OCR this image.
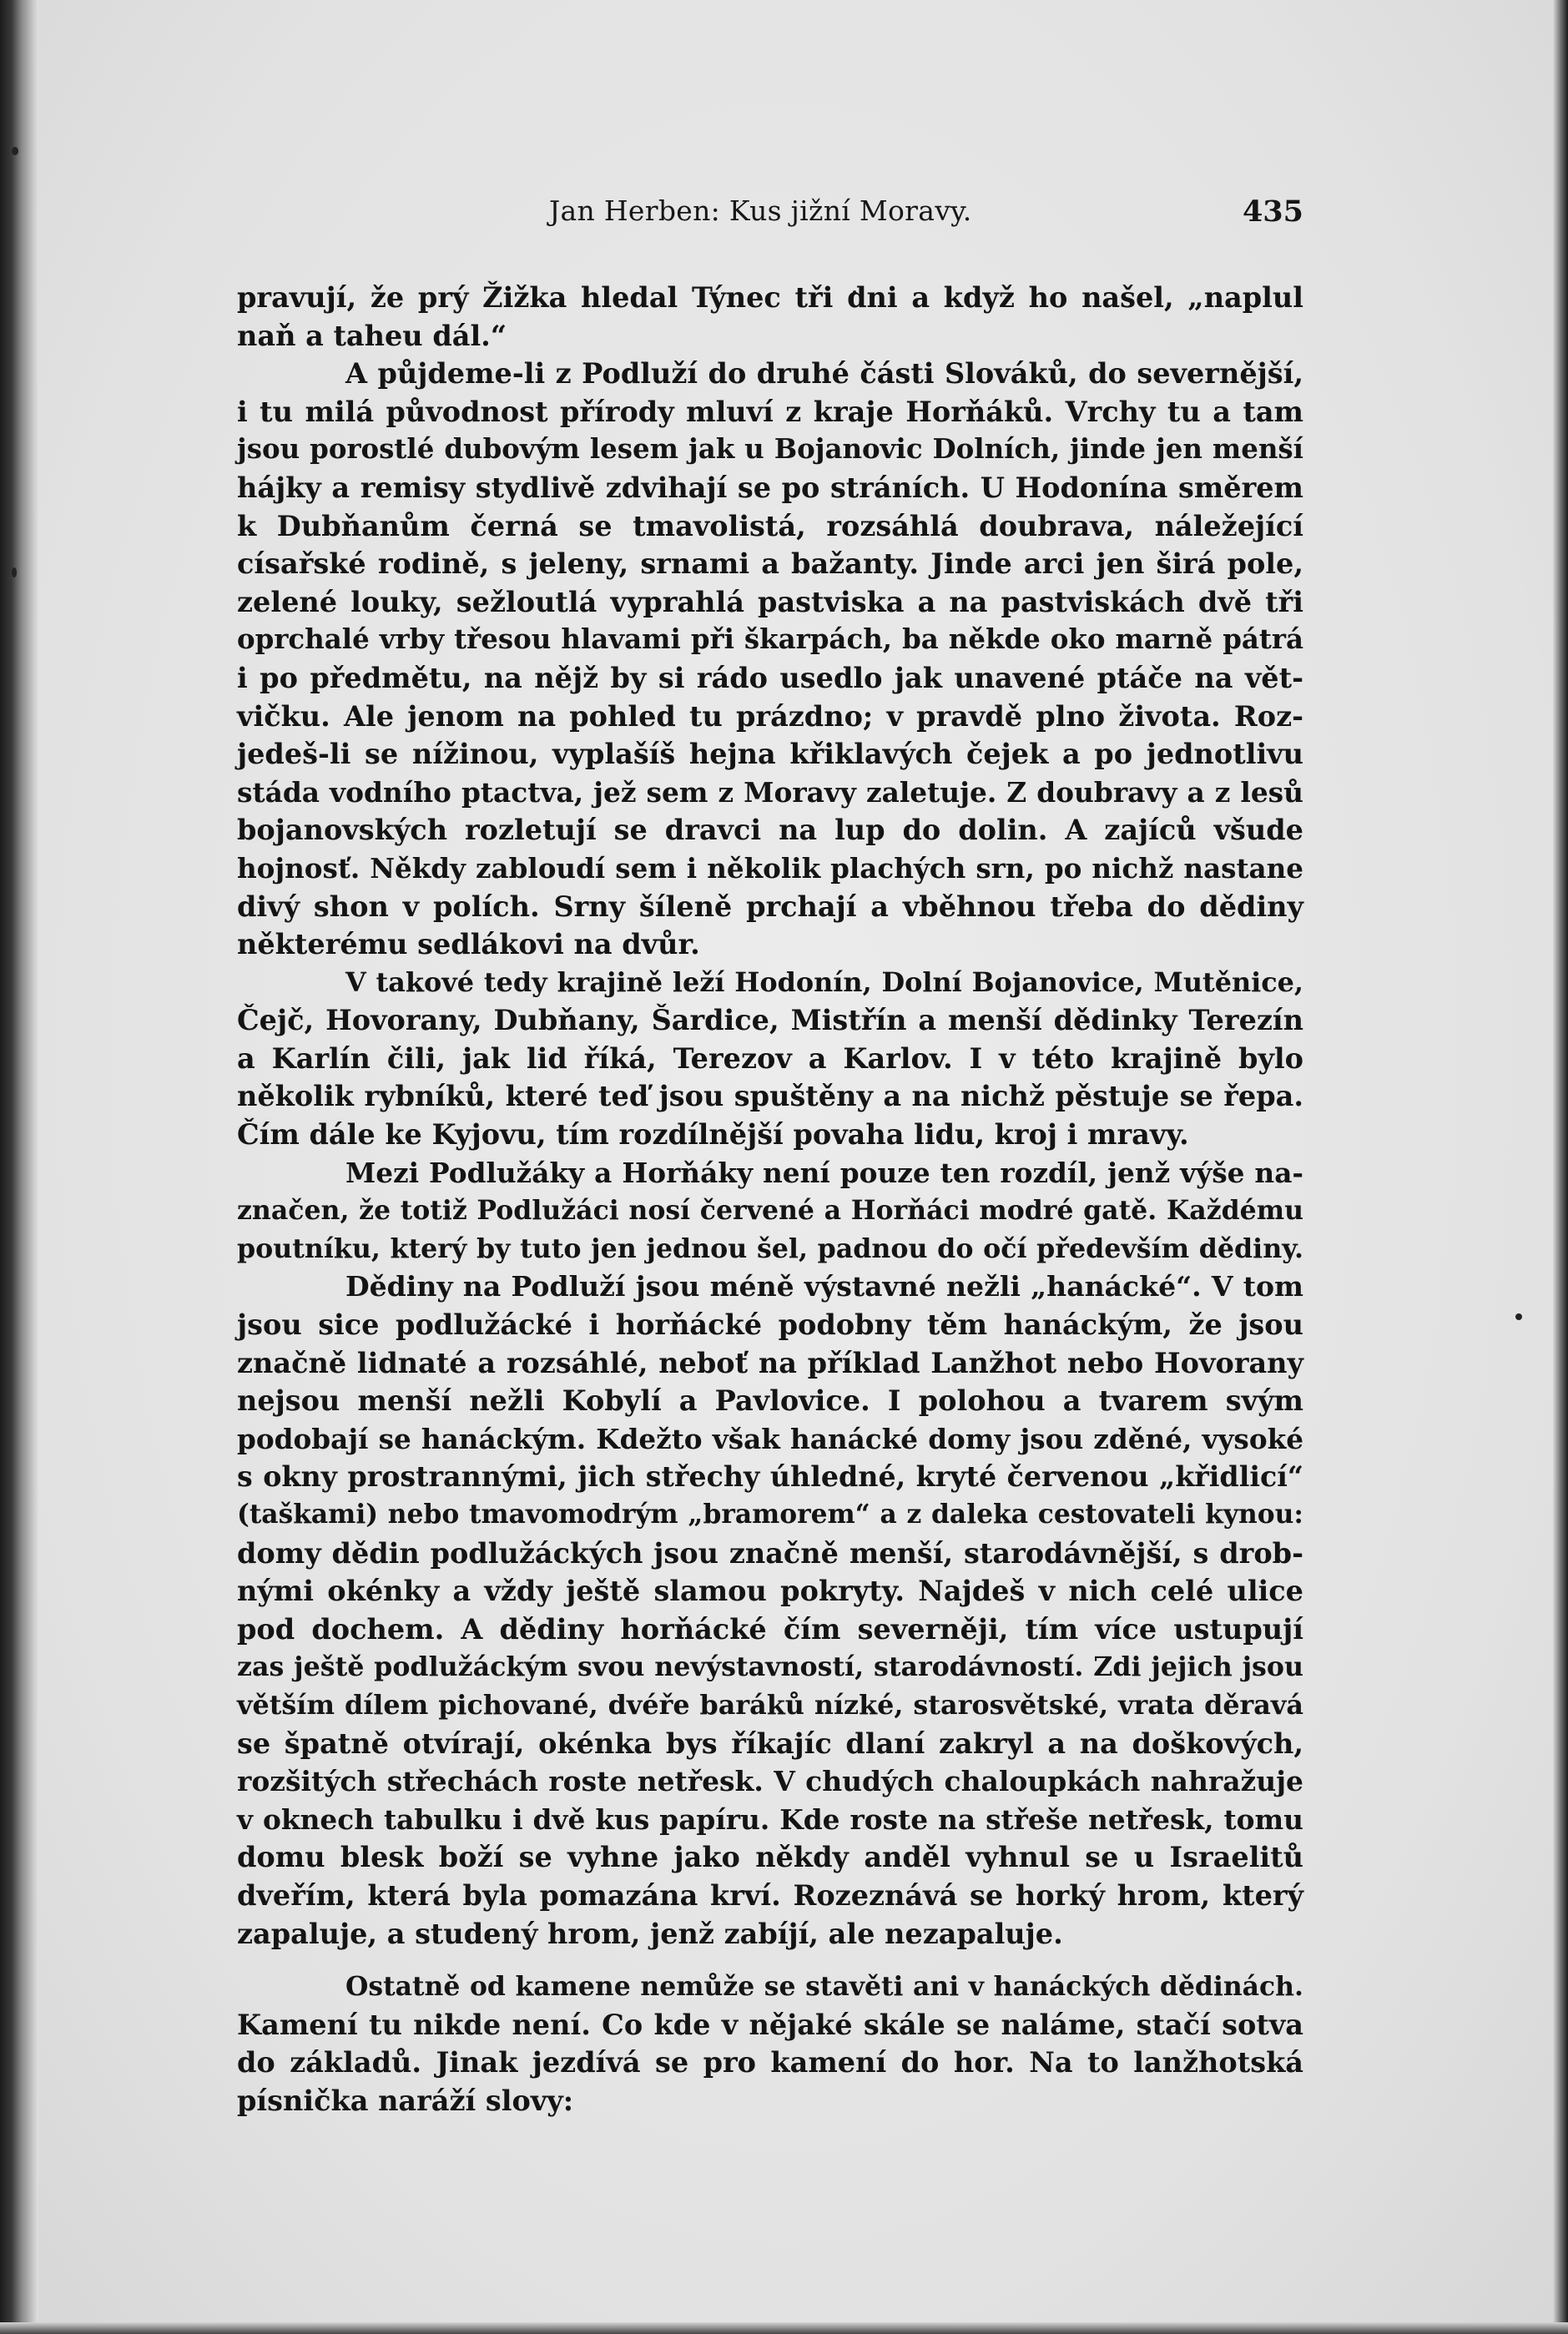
Jan Herben: Kus jižní Moravy.	435
pravují, že prý Žižka hledal Týnec tři dni a když ho našel, „naplul
naň a taheu dál.“
A půjdeme-li z Podluží do druhé části Slováků, do severnější,
i tu milá původnost přírody mluví z kraje Horňáků. Vrchy tu a tam
jsou porostlé dubovým lesem jak u Bojanovic Dolních, jinde jen menší
hájky a remisy stydlivě zdvihají se po stráních. U Hodonína směrem
k Dubňanům černá se tmavolistá, rozsáhlá doubrava, náležející
císařské rodině, s jeleny, srnami a bažanty. Jinde arci jen širá pole,
zelené louky, sežloutlá vyprahlá pastviska a na pastviskách dvě tři
oprchalé vrby třesou hlavami při škarpách, ba někde oko marně pátrá
i po předmětu, na nějž by si rádo usedlo jak unavené ptáče na vět-
vičku. Ale jenom na pohled tu prázdno; v pravdě plno života. Roz-
jedeš-li se nížinou, vyplašíš hejna křiklavých čejek a po jednotlivu
stáda vodního ptactva, jež sem z Moravy zaletuje. Z doubravy a z lesů
bojanovských rozletují se dravci na lup do dolin. A zajíců všude
hojnosť. Někdy zabloudí sem i několik plachých srn, po nichž nastane
divý shon v polích. Srny šíleně prchají a vběhnou třeba do dědiny
některému sedlákovi na dvůr.
V takové tedy krajině leží Hodonín, Dolní Bojanovice, Mutěnice,
Čejč, Hovorany, Dubňany, Šardice, Mistřín a menší dědinky Terezín
a Karlín čili, jak lid říká, Terezov a Karlov. I v této krajině bylo
několik rybníků, které teď jsou spuštěny a na nichž pěstuje se řepa.
Čím dále ke Kyjovu, tím rozdílnější povaha lidu, kroj i mravy.
Mezi Podlužáky a Horňáky není pouze ten rozdíl, jenž výše na-
značen, že totiž Podlužáci nosí červené a Horňáci modré gatě. Každému
poutníku, který by tuto jen jednou šel, padnou do očí především dědiny.
Dědiny na Podluží jsou méně výstavné nežli „hanácké“. V tom
jsou sice podlužácké i horňácké podobny těm hanáckým, že jsou
značně lidnaté a rozsáhlé, neboť na příklad Lanžhot nebo Hovorany
nejsou menší nežli Kobylí a Pavlovice. I polohou a tvarem svým
podobají se hanáckým. Kdežto však hanácké domy jsou zděné, vysoké
s okny prostrannými, jich střechy úhledné, kryté červenou „křidlicí“
(taškami) nebo tmavomodrým „bramorem“ a z daleka cestovateli kynou:
domy dědin podlužáckých jsou značně menší, starodávnější, s drob-
nými okénky a vždy ještě slamou pokryty. Najdeš v nich celé ulice
pod dochem. A dědiny horňácké čím severněji, tím více ustupují
zas ještě podlužáckým svou nevýstavností, starodávností. Zdi jejich jsou
větším dílem pichované, dvéře baráků nízké, starosvětské, vrata děravá
se špatně otvírají, okénka bys říkajíc dlaní zakryl a na doškových,
rozšitých střechách roste netřesk. V chudých chaloupkách nahražuje
v oknech tabulku i dvě kus papíru. Kde roste na střeše netřesk, tomu
domu blesk boží se vyhne jako někdy anděl vyhnul se u Israelitů
dveřím, která byla pomazána krví. Rozeznává se horký hrom, který
zapaluje, a studený hrom, jenž zabíjí, ale nezapaluje.
Ostatně od kamene nemůže se stavěti ani v hanáckých dědinách.
Kamení tu nikde není. Co kde v nějaké skále se naláme, stačí sotva
do základů. Jinak jezdívá se pro kamení do hor. Na to lanžhotská
písnička naráží slovy:
